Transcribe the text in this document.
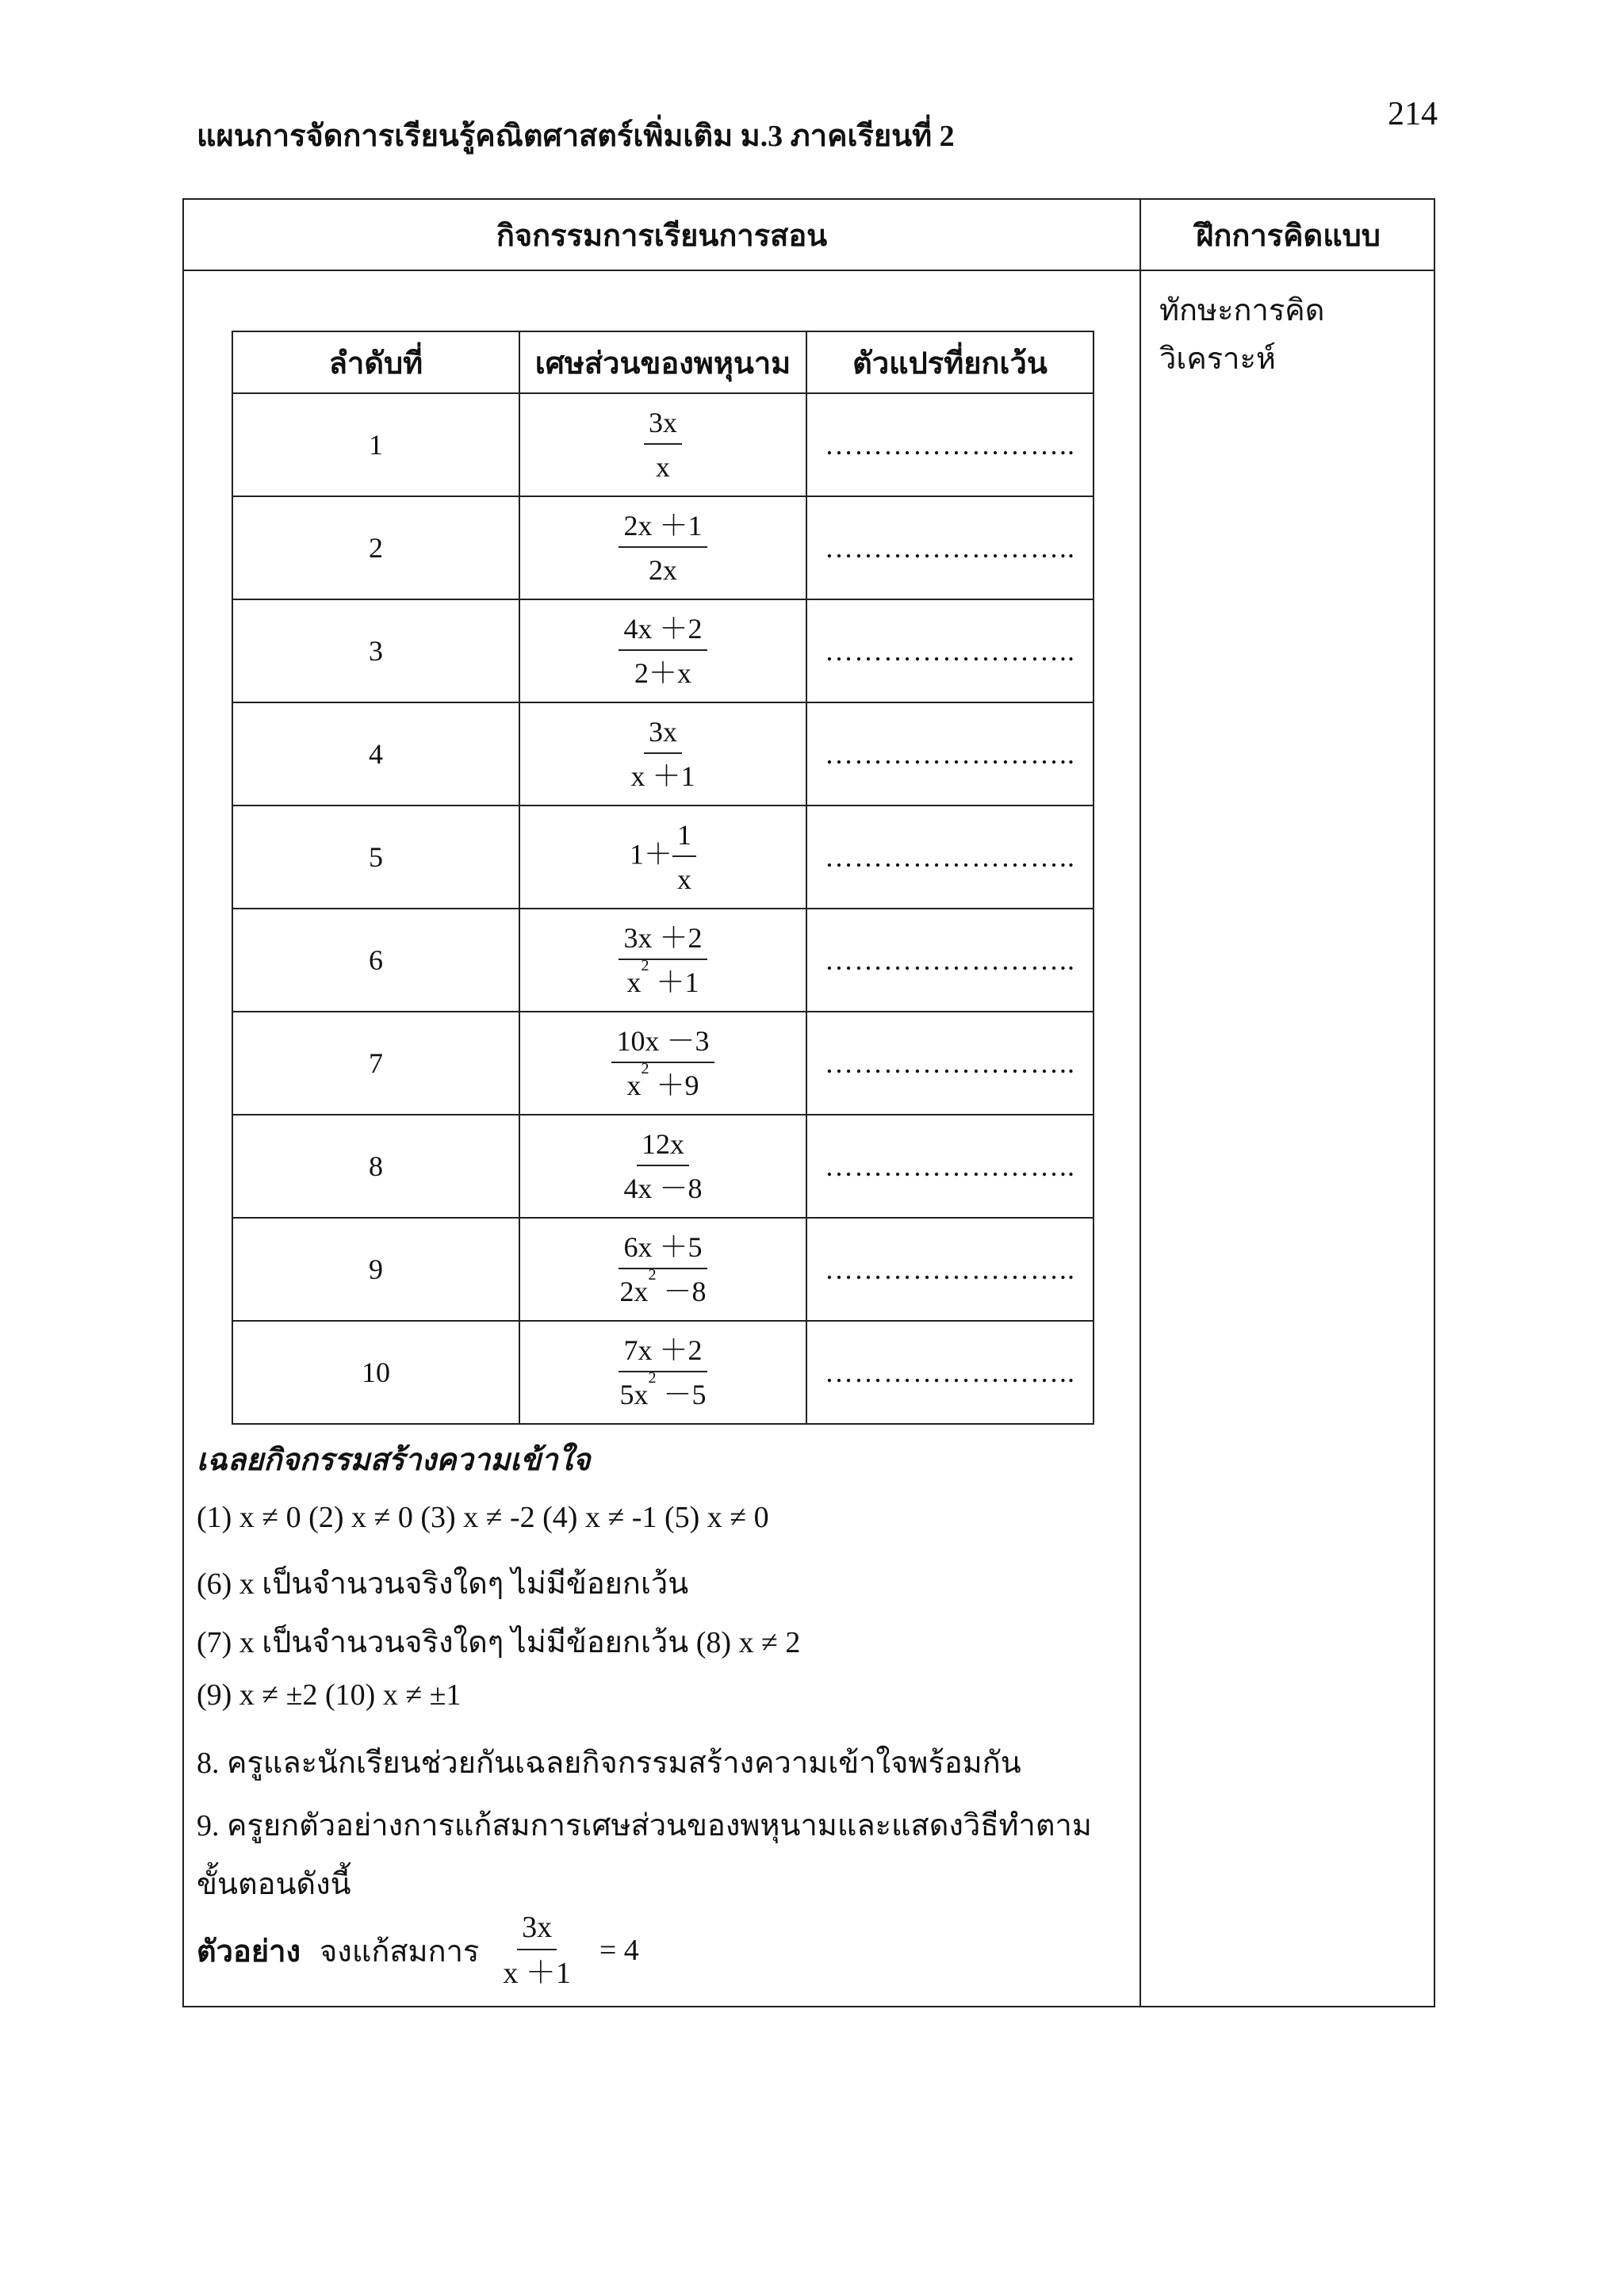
214
แผนการจัดการเรียนรู้คณิตศาสตร์เพิ่มเติม ม.3 ภาคเรียนที่ 2
กิจกรรมการเรียนการสอน	ฝึกการคิดแบบ
ทักษะการคิดวิเคราะห์
ลำดับที่	เศษส่วนของพหุนาม	ตัวแปรที่ยกเว้น
1	$\frac{3x}{x}$	……………………..
2	$\frac{2x +1}{2x}$	……………………..
3	$\frac{4x +2}{2+x}$	……………………..
4	$\frac{3x}{x +1}$	……………………..
5	$1+ \frac{1}{x}$	……………………..
6	$\frac{3x +2}{x^2 +1}$	……………………..
7	$\frac{10x -3}{x^2 +9}$	……………………..
8	$\frac{12x}{4x -8}$	……………………..
9	$\frac{6x +5}{2x^2 -8}$	……………………..
10	$\frac{7x +2}{5x^2 -5}$	……………………..
เฉลยกิจกรรมสร้างความเข้าใจ
(1) x ≠ 0 (2) x ≠ 0 (3) x ≠ -2 (4) x ≠ -1 (5) x ≠ 0
(6) x เป็นจำนวนจริงใดๆ ไม่มีข้อยกเว้น
(7) x เป็นจำนวนจริงใดๆ ไม่มีข้อยกเว้น (8) x ≠ 2
(9) x ≠ ±2 (10) x ≠ ±1
8. ครูและนักเรียนช่วยกันเฉลยกิจกรรมสร้างความเข้าใจพร้อมกัน
9. ครูยกตัวอย่างการแก้สมการเศษส่วนของพหุนามและแสดงวิธีทำตามขั้นตอนดังนี้
ตัวอย่าง จงแก้สมการ $\frac{3x}{x +1} = 4$
